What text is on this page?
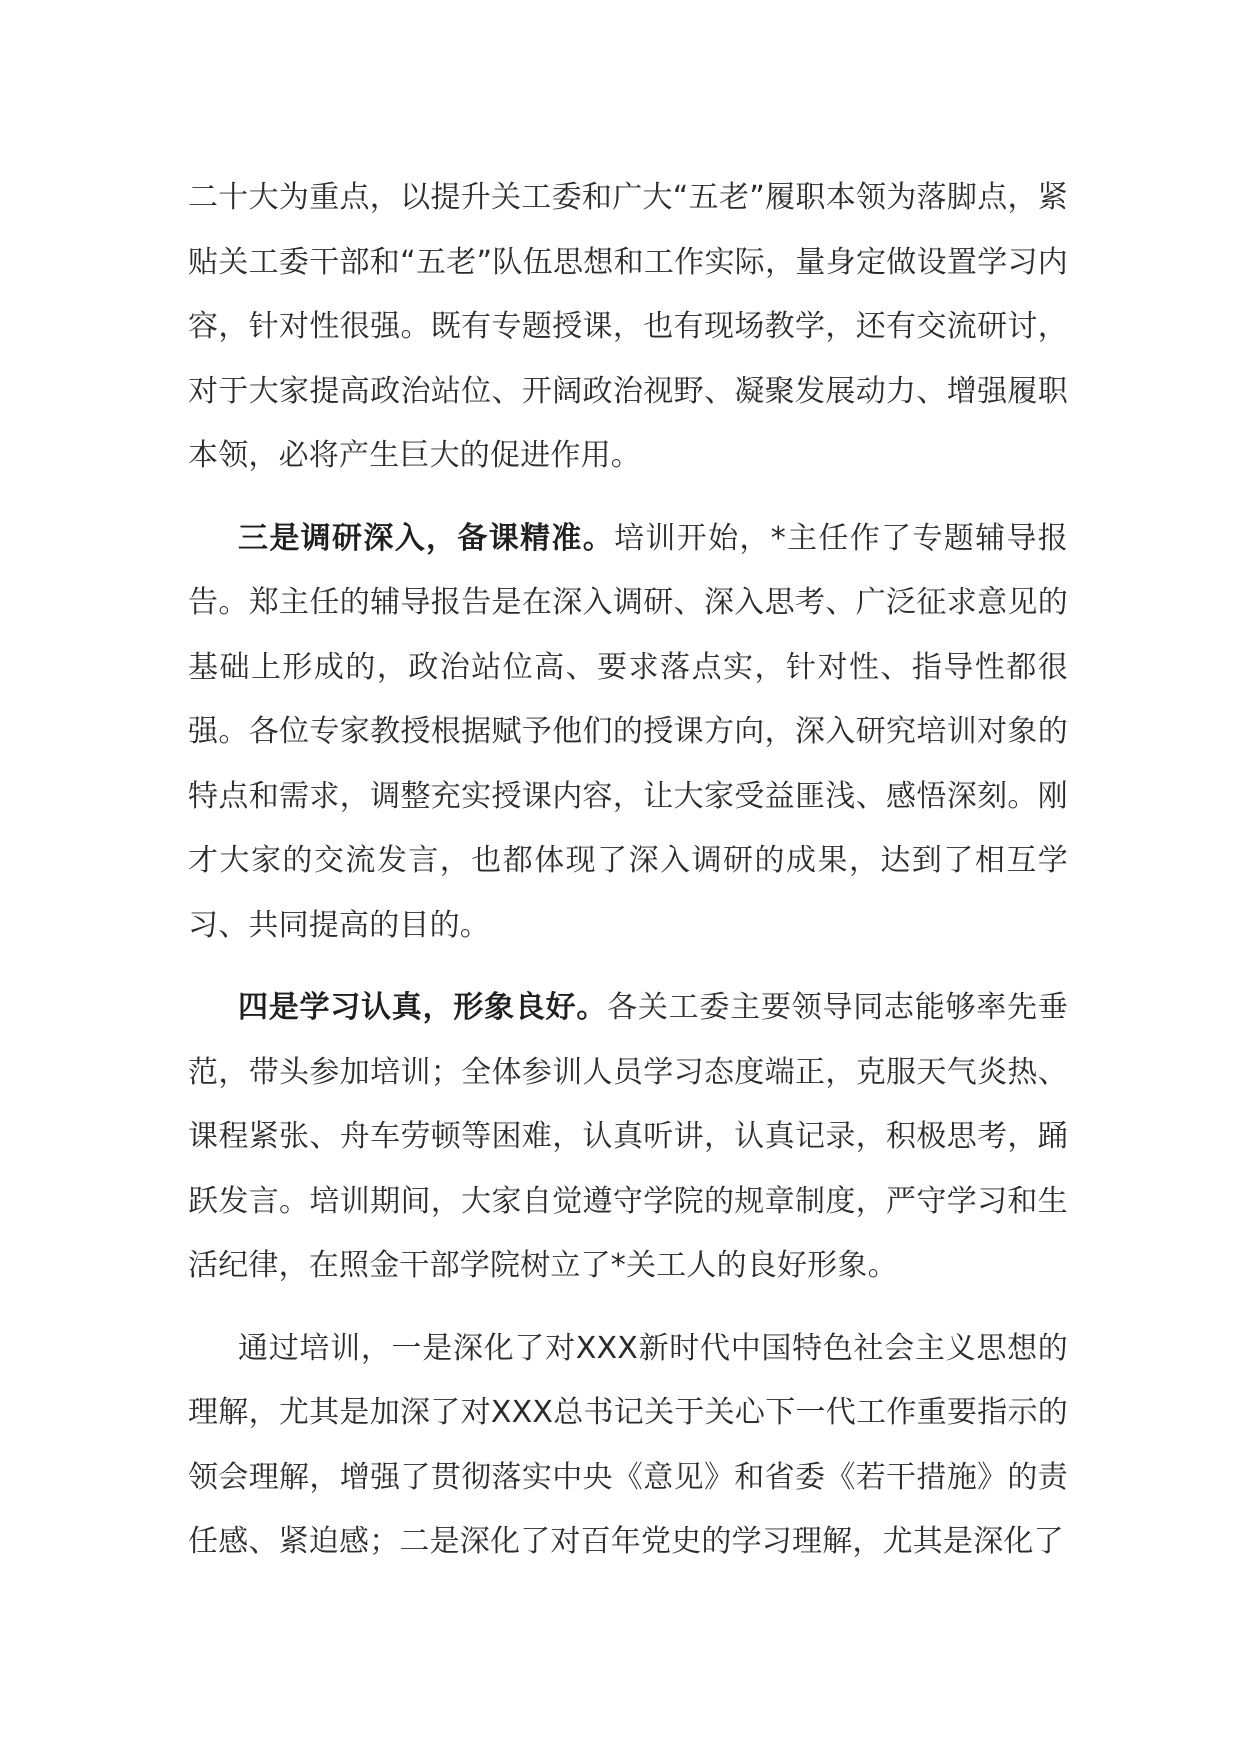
二十大为重点，以提升关工委和广大“五老”履职本领为落脚点，紧贴关工委干部和“五老”队伍思想和工作实际，量身定做设置学习内容，针对性很强。既有专题授课，也有现场教学，还有交流研讨，对于大家提高政治站位、开阔政治视野、凝聚发展动力、增强履职本领，必将产生巨大的促进作用。

三是调研深入，备课精准。培训开始，*主任作了专题辅导报告。郑主任的辅导报告是在深入调研、深入思考、广泛征求意见的基础上形成的，政治站位高、要求落点实，针对性、指导性都很强。各位专家教授根据赋予他们的授课方向，深入研究培训对象的特点和需求，调整充实授课内容，让大家受益匪浅、感悟深刻。刚才大家的交流发言，也都体现了深入调研的成果，达到了相互学习、共同提高的目的。

四是学习认真，形象良好。各关工委主要领导同志能够率先垂范，带头参加培训；全体参训人员学习态度端正，克服天气炎热、课程紧张、舟车劳顿等困难，认真听讲，认真记录，积极思考，踊跃发言。培训期间，大家自觉遵守学院的规章制度，严守学习和生活纪律，在照金干部学院树立了*关工人的良好形象。

通过培训，一是深化了对XXX新时代中国特色社会主义思想的理解，尤其是加深了对XXX总书记关于关心下一代工作重要指示的领会理解，增强了贯彻落实中央《意见》和省委《若干措施》的责任感、紧迫感；二是深化了对百年党史的学习理解，尤其是深化了
